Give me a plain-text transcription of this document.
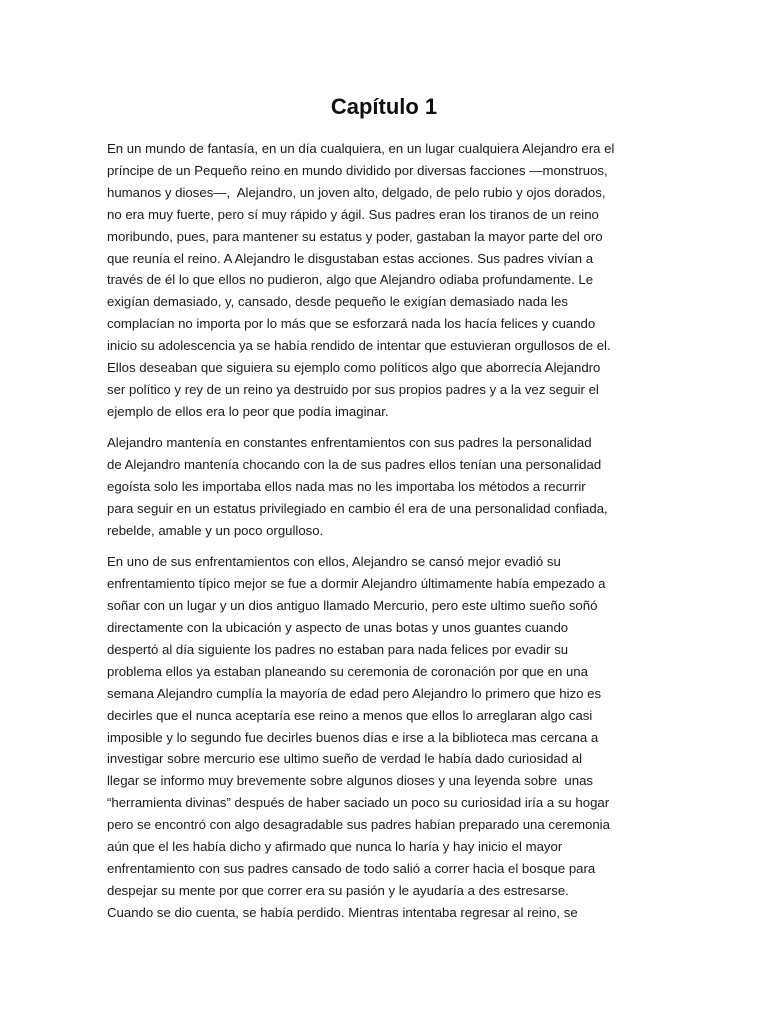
Capítulo 1

En un mundo de fantasía, en un día cualquiera, en un lugar cualquiera Alejandro era el
príncipe de un Pequeño reino en mundo dividido por diversas facciones —monstruos,
humanos y dioses—,  Alejandro, un joven alto, delgado, de pelo rubio y ojos dorados,
no era muy fuerte, pero sí muy rápido y ágil. Sus padres eran los tiranos de un reino
moribundo, pues, para mantener su estatus y poder, gastaban la mayor parte del oro
que reunía el reino. A Alejandro le disgustaban estas acciones. Sus padres vivían a
través de él lo que ellos no pudieron, algo que Alejandro odiaba profundamente. Le
exigían demasiado, y, cansado, desde pequeño le exigían demasiado nada les
complacían no importa por lo más que se esforzará nada los hacía felices y cuando
inicio su adolescencia ya se había rendido de intentar que estuvieran orgullosos de el.
Ellos deseaban que siguiera su ejemplo como políticos algo que aborrecía Alejandro
ser político y rey de un reino ya destruido por sus propios padres y a la vez seguir el
ejemplo de ellos era lo peor que podía imaginar.

Alejandro mantenía en constantes enfrentamientos con sus padres la personalidad
de Alejandro mantenía chocando con la de sus padres ellos tenían una personalidad
egoísta solo les importaba ellos nada mas no les importaba los métodos a recurrir
para seguir en un estatus privilegiado en cambio él era de una personalidad confiada,
rebelde, amable y un poco orgulloso.

En uno de sus enfrentamientos con ellos, Alejandro se cansó mejor evadió su
enfrentamiento típico mejor se fue a dormir Alejandro últimamente había empezado a
soñar con un lugar y un dios antiguo llamado Mercurio, pero este ultimo sueño soñó
directamente con la ubicación y aspecto de unas botas y unos guantes cuando
despertó al día siguiente los padres no estaban para nada felices por evadir su
problema ellos ya estaban planeando su ceremonia de coronación por que en una
semana Alejandro cumplía la mayoría de edad pero Alejandro lo primero que hizo es
decirles que el nunca aceptaría ese reino a menos que ellos lo arreglaran algo casi
imposible y lo segundo fue decirles buenos días e irse a la biblioteca mas cercana a
investigar sobre mercurio ese ultimo sueño de verdad le había dado curiosidad al
llegar se informo muy brevemente sobre algunos dioses y una leyenda sobre  unas
“herramienta divinas” después de haber saciado un poco su curiosidad iría a su hogar
pero se encontró con algo desagradable sus padres habían preparado una ceremonia
aún que el les había dicho y afirmado que nunca lo haría y hay inicio el mayor
enfrentamiento con sus padres cansado de todo salió a correr hacia el bosque para
despejar su mente por que correr era su pasión y le ayudaría a des estresarse.
Cuando se dio cuenta, se había perdido. Mientras intentaba regresar al reino, se
